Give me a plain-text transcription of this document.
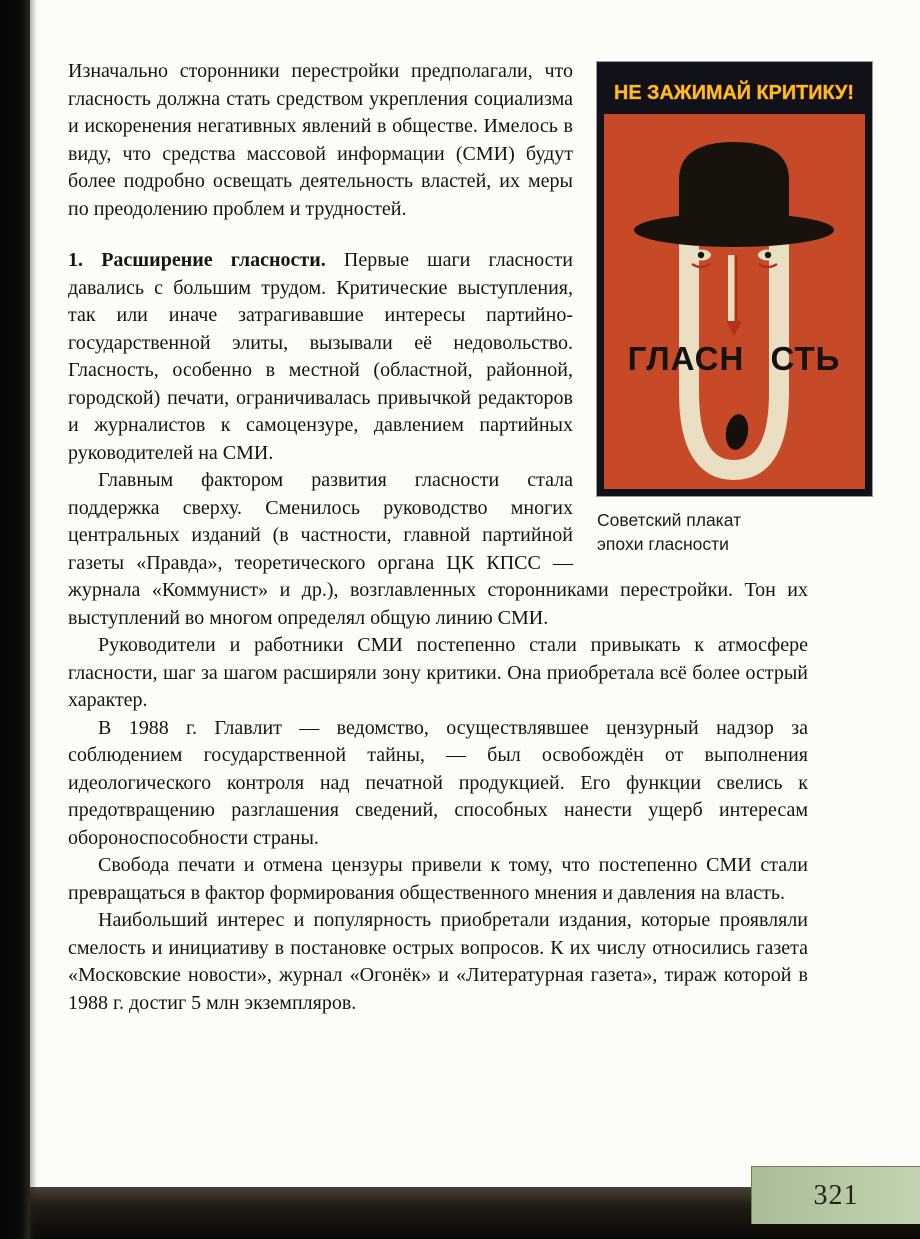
НЕ ЗАЖИМАЙ КРИТИКУ!
ГЛАСН СТЬ
Советский плакат эпохи гласности

Изначально сторонники перестройки предполагали, что гласность должна стать средством укрепления социализма и искоренения негативных явлений в обществе. Имелось в виду, что средства массовой информации (СМИ) будут более подробно освещать деятельность властей, их меры по преодолению проблем и трудностей.

1. Расширение гласности. Первые шаги гласности давались с большим трудом. Критические выступления, так или иначе затрагивавшие интересы партийно-государственной элиты, вызывали её недовольство. Гласность, особенно в местной (областной, районной, городской) печати, ограничивалась привычкой редакторов и журналистов к самоцензуре, давлением партийных руководителей на СМИ.

Главным фактором развития гласности стала поддержка сверху. Сменилось руководство многих центральных изданий (в частности, главной партийной газеты «Правда», теоретического органа ЦК КПСС — журнала «Коммунист» и др.), возглавленных сторонниками перестройки. Тон их выступлений во многом определял общую линию СМИ.

Руководители и работники СМИ постепенно стали привыкать к атмосфере гласности, шаг за шагом расширяли зону критики. Она приобретала всё более острый характер.

В 1988 г. Главлит — ведомство, осуществлявшее цензурный надзор за соблюдением государственной тайны, — был освобождён от выполнения идеологического контроля над печатной продукцией. Его функции свелись к предотвращению разглашения сведений, способных нанести ущерб интересам обороноспособности страны.

Свобода печати и отмена цензуры привели к тому, что постепенно СМИ стали превращаться в фактор формирования общественного мнения и давления на власть.

Наибольший интерес и популярность приобретали издания, которые проявляли смелость и инициативу в постановке острых вопросов. К их числу относились газета «Московские новости», журнал «Огонёк» и «Литературная газета», тираж которой в 1988 г. достиг 5 млн экземпляров.

321
